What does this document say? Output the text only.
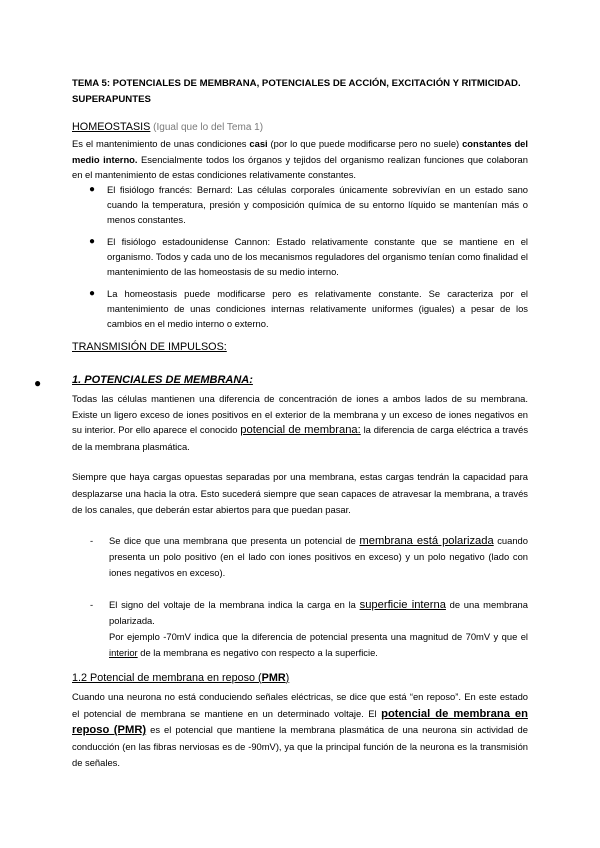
TEMA 5: POTENCIALES DE MEMBRANA, POTENCIALES DE ACCIÓN, EXCITACIÓN Y RITMICIDAD. SUPERAPUNTES
HOMEOSTASIS (Igual que lo del Tema 1)
Es el mantenimiento de unas condiciones casi (por lo que puede modificarse pero no suele) constantes del medio interno. Esencialmente todos los órganos y tejidos del organismo realizan funciones que colaboran en el mantenimiento de estas condiciones relativamente constantes.
● El fisiólogo francés: Bernard: Las células corporales únicamente sobrevivían en un estado sano cuando la temperatura, presión y composición química de su entorno líquido se mantenían más o menos constantes.
● El fisiólogo estadounidense Cannon: Estado relativamente constante que se mantiene en el organismo. Todos y cada uno de los mecanismos reguladores del organismo tenían como finalidad el mantenimiento de las homeostasis de su medio interno.
● La homeostasis puede modificarse pero es relativamente constante. Se caracteriza por el mantenimiento de unas condiciones internas relativamente uniformes (iguales) a pesar de los cambios en el medio interno o externo.
TRANSMISIÓN DE IMPULSOS:
●	1. POTENCIALES DE MEMBRANA:
Todas las células mantienen una diferencia de concentración de iones a ambos lados de su membrana. Existe un ligero exceso de iones positivos en el exterior de la membrana y un exceso de iones negativos en su interior. Por ello aparece el conocido potencial de membrana: la diferencia de carga eléctrica a través de la membrana plasmática.
Siempre que haya cargas opuestas separadas por una membrana, estas cargas tendrán la capacidad para desplazarse una hacia la otra. Esto sucederá siempre que sean capaces de atravesar la membrana, a través de los canales, que deberán estar abiertos para que puedan pasar.
-	Se dice que una membrana que presenta un potencial de membrana está polarizada cuando presenta un polo positivo (en el lado con iones positivos en exceso) y un polo negativo (lado con iones negativos en exceso).
-	El signo del voltaje de la membrana indica la carga en la superficie interna de una membrana polarizada.
Por ejemplo -70mV indica que la diferencia de potencial presenta una magnitud de 70mV y que el interior de la membrana es negativo con respecto a la superficie.
1.2 Potencial de membrana en reposo (PMR)
Cuando una neurona no está conduciendo señales eléctricas, se dice que está “en reposo”. En este estado el potencial de membrana se mantiene en un determinado voltaje. El potencial de membrana en reposo (PMR) es el potencial que mantiene la membrana plasmática de una neurona sin actividad de conducción (en las fibras nerviosas es de -90mV), ya que la principal función de la neurona es la transmisión de señales.
